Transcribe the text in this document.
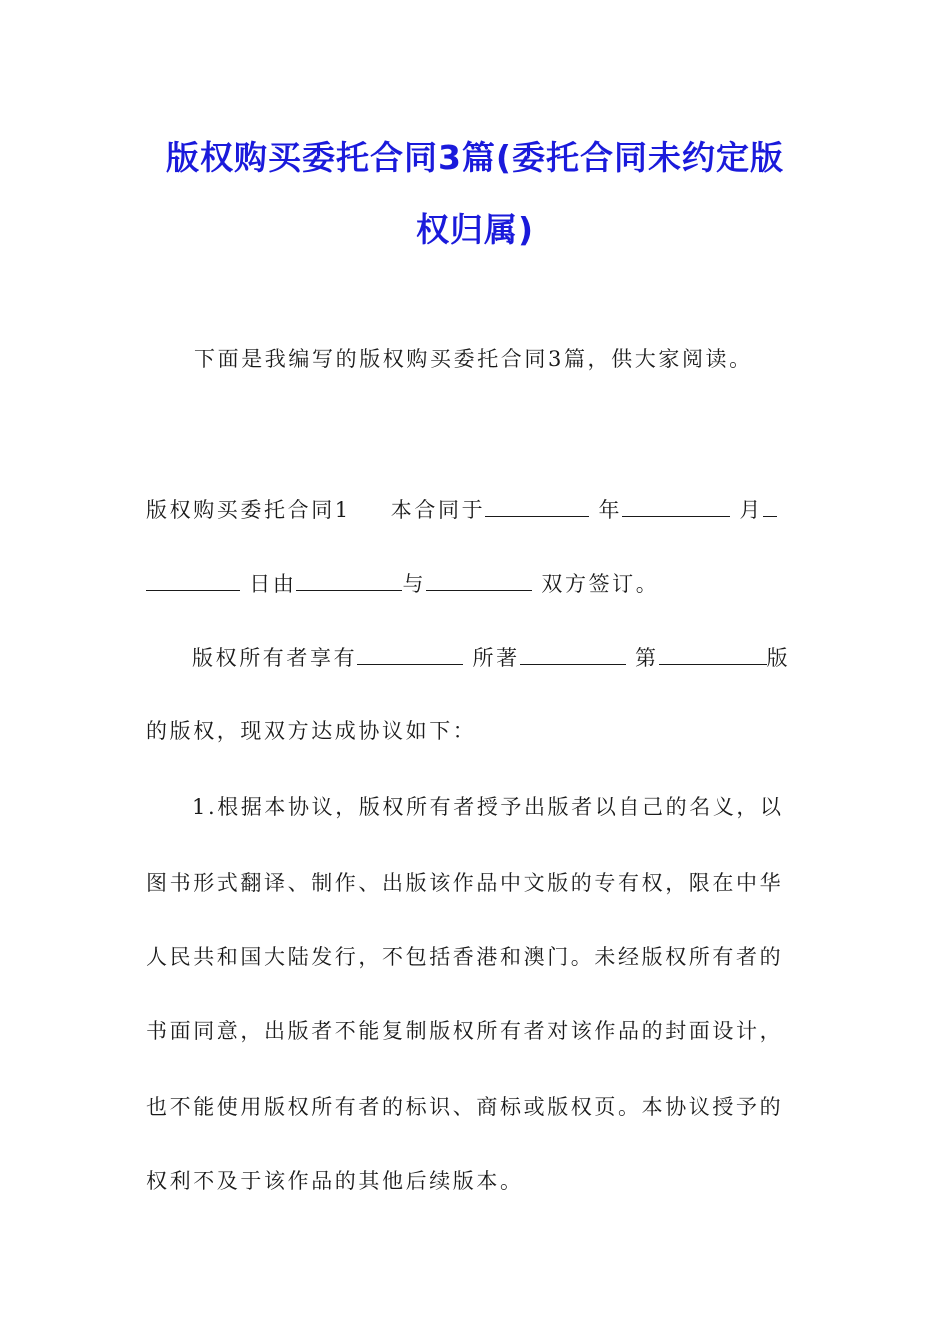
版权购买委托合同3篇(委托合同未约定版
权归属)
下面是我编写的版权购买委托合同3篇，供大家阅读。
版权购买委托合同1 本合同于	年	月
日由	与	双方签订。
版权所有者享有	所著	第	版
的版权，现双方达成协议如下：
1.根据本协议，版权所有者授予出版者以自己的名义，以
图书形式翻译、制作、出版该作品中文版的专有权，限在中华
人民共和国大陆发行，不包括香港和澳门。未经版权所有者的
书面同意，出版者不能复制版权所有者对该作品的封面设计，
也不能使用版权所有者的标识、商标或版权页。本协议授予的
权利不及于该作品的其他后续版本。
